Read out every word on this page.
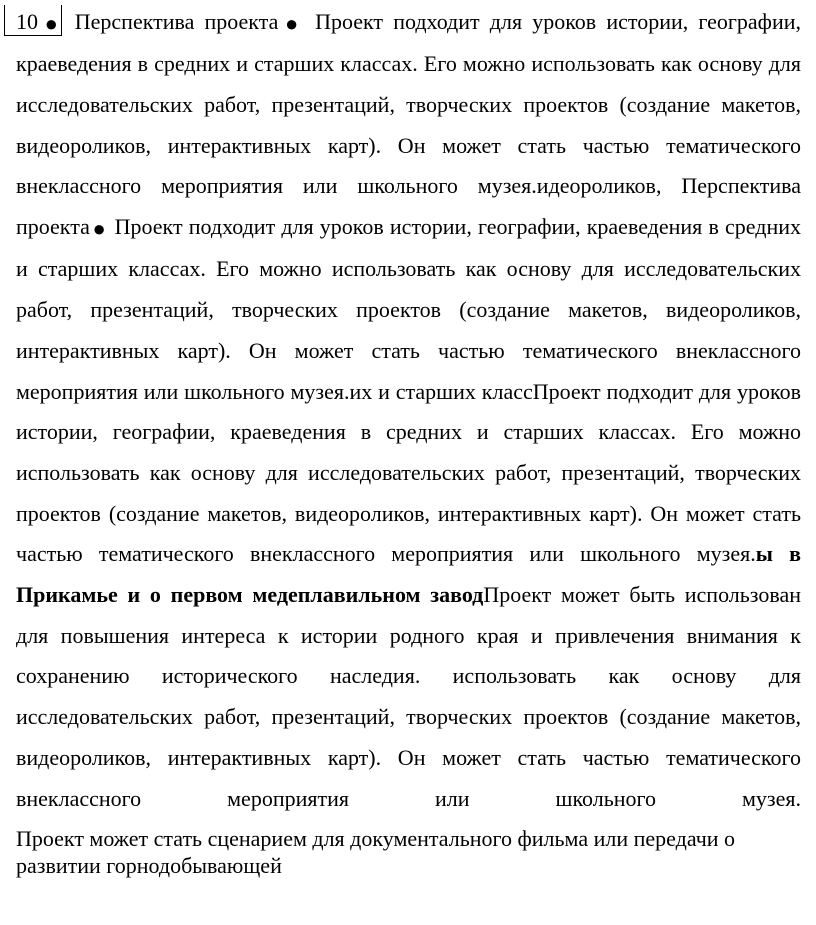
10● Перспектива проекта● Проект подходит для уроков истории, географии, краеведения в средних и старших классах. Его можно использовать как основу для исследовательских работ, презентаций, творческих проектов (создание макетов, видеороликов, интерактивных карт). Он может стать частью тематического внеклассного мероприятия или школьного музея.идеороликов, Перспектива проекта● Проект подходит для уроков истории, географии, краеведения в средних и старших классах. Его можно использовать как основу для исследовательских работ, презентаций, творческих проектов (создание макетов, видеороликов, интерактивных карт). Он может стать частью тематического внеклассного мероприятия или школьного музея.их и старших классПроект подходит для уроков истории, географии, краеведения в средних и старших классах. Его можно использовать как основу для исследовательских работ, презентаций, творческих проектов (создание макетов, видеороликов, интерактивных карт). Он может стать частью тематического внеклассного мероприятия или школьного музея.ы в Прикамье и о первом медеплавильном заводПроект может быть использован для повышения интереса к истории родного края и привлечения внимания к сохранению исторического наследия. использовать как основу для исследовательских работ, презентаций, творческих проектов (создание макетов, видеороликов, интерактивных карт). Он может стать частью тематического внеклассного мероприятия или школьного музея.

Проект может стать сценарием для документального фильма или передачи о развитии горнодобывающей
